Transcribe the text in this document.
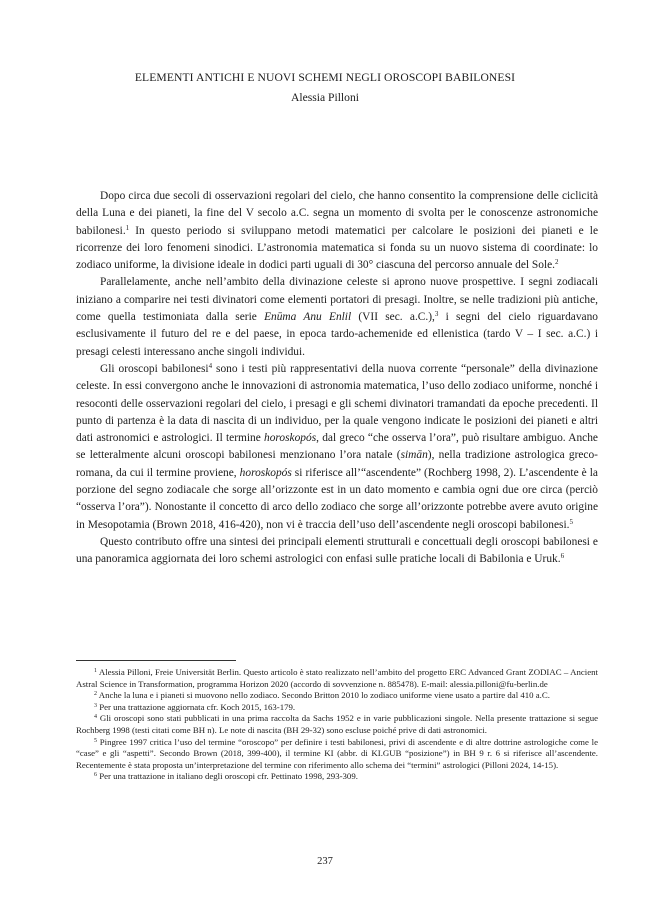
ELEMENTI ANTICHI E NUOVI SCHEMI NEGLI OROSCOPI BABILONESI
Alessia Pilloni

Dopo circa due secoli di osservazioni regolari del cielo, che hanno consentito la comprensione delle ciclicità della Luna e dei pianeti, la fine del V secolo a.C. segna un momento di svolta per le conoscenze astronomiche babilonesi.$^1$ In questo periodo si sviluppano metodi matematici per calcolare le posizioni dei pianeti e le ricorrenze dei loro fenomeni sinodici. L’astronomia matematica si fonda su un nuovo sistema di coordinate: lo zodiaco uniforme, la divisione ideale in dodici parti uguali di 30° ciascuna del percorso annuale del Sole.$^2$

Parallelamente, anche nell’ambito della divinazione celeste si aprono nuove prospettive. I segni zodiacali iniziano a comparire nei testi divinatori come elementi portatori di presagi. Inoltre, se nelle tradizioni più antiche, come quella testimoniata dalla serie Enūma Anu Enlil (VII sec. a.C.),$^3$ i segni del cielo riguardavano esclusivamente il futuro del re e del paese, in epoca tardo-achemenide ed ellenistica (tardo V – I sec. a.C.) i presagi celesti interessano anche singoli individui.

Gli oroscopi babilonesi$^4$ sono i testi più rappresentativi della nuova corrente “personale” della divinazione celeste. In essi convergono anche le innovazioni di astronomia matematica, l’uso dello zodiaco uniforme, nonché i resoconti delle osservazioni regolari del cielo, i presagi e gli schemi divinatori tramandati da epoche precedenti. Il punto di partenza è la data di nascita di un individuo, per la quale vengono indicate le posizioni dei pianeti e altri dati astronomici e astrologici. Il termine horoskopós, dal greco “che osserva l’ora”, può risultare ambiguo. Anche se letteralmente alcuni oroscopi babilonesi menzionano l’ora natale (simān), nella tradizione astrologica greco-romana, da cui il termine proviene, horoskopós si riferisce all’“ascendente” (Rochberg 1998, 2). L’ascendente è la porzione del segno zodiacale che sorge all’orizzonte est in un dato momento e cambia ogni due ore circa (perciò “osserva l’ora”). Nonostante il concetto di arco dello zodiaco che sorge all’orizzonte potrebbe avere avuto origine in Mesopotamia (Brown 2018, 416-420), non vi è traccia dell’uso dell’ascendente negli oroscopi babilonesi.$^5$

Questo contributo offre una sintesi dei principali elementi strutturali e concettuali degli oroscopi babilonesi e una panoramica aggiornata dei loro schemi astrologici con enfasi sulle pratiche locali di Babilonia e Uruk.$^6$

$^1$ Alessia Pilloni, Freie Universität Berlin. Questo articolo è stato realizzato nell’ambito del progetto ERC Advanced Grant ZODIAC – Ancient Astral Science in Transformation, programma Horizon 2020 (accordo di sovvenzione n. 885478). E-mail: alessia.pilloni@fu-berlin.de

$^2$ Anche la luna e i pianeti si muovono nello zodiaco. Secondo Britton 2010 lo zodiaco uniforme viene usato a partire dal 410 a.C.

$^3$ Per una trattazione aggiornata cfr. Koch 2015, 163-179.

$^4$ Gli oroscopi sono stati pubblicati in una prima raccolta da Sachs 1952 e in varie pubblicazioni singole. Nella presente trattazione si segue Rochberg 1998 (testi citati come BH n). Le note di nascita (BH 29-32) sono escluse poiché prive di dati astronomici.

$^5$ Pingree 1997 critica l’uso del termine “oroscopo” per definire i testi babilonesi, privi di ascendente e di altre dottrine astrologiche come le “case” e gli “aspetti”. Secondo Brown (2018, 399-400), il termine KI (abbr. di KI.GUB “posizione”) in BH 9 r. 6 si riferisce all’ascendente. Recentemente è stata proposta un’interpretazione del termine con riferimento allo schema dei “termini” astrologici (Pilloni 2024, 14-15).

$^6$ Per una trattazione in italiano degli oroscopi cfr. Pettinato 1998, 293-309.

237
